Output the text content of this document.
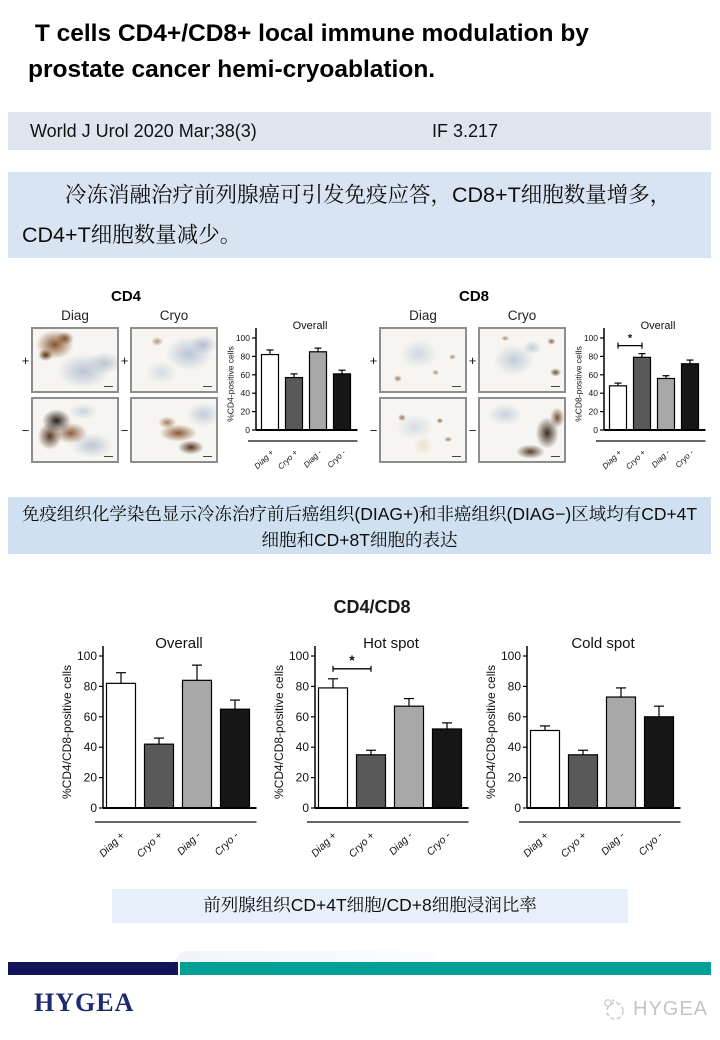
T cells CD4+/CD8+ local immune modulation by prostate cancer hemi-cryoablation.
World J Urol 2020 Mar;38(3)	IF 3.217
冷冻消融治疗前列腺癌可引发免疫应答，CD8+T细胞数量增多，CD4+T细胞数量减少。
CD4
Diag	Cryo
+	+
−	−
Overall
0
20
40
60
80
100
%CD4-positive cells
Diag + Cryo + Diag - Cryo -
CD8
Diag	Cryo
+	+
−	−
Overall
0
20
40
60
80
100
%CD8-positive cells
*
Diag + Cryo + Diag - Cryo -
免疫组织化学染色显示冷冻治疗前后癌组织(DIAG+)和非癌组织(DIAG−)区域均有CD+4T细胞和CD+8T细胞的表达
CD4/CD8
Overall
0
20
40
60
80
100
%CD4/CD8-positive cells
Diag + Cryo + Diag - Cryo -
Hot spot
0
20
40
60
80
100
%CD4/CD8-positive cells
*
Diag + Cryo + Diag - Cryo -
Cold spot
0
20
40
60
80
100
%CD4/CD8-positive cells
Diag + Cryo + Diag - Cryo -
前列腺组织CD+4T细胞/CD+8细胞浸润比率
HYGEA	HYGEA
